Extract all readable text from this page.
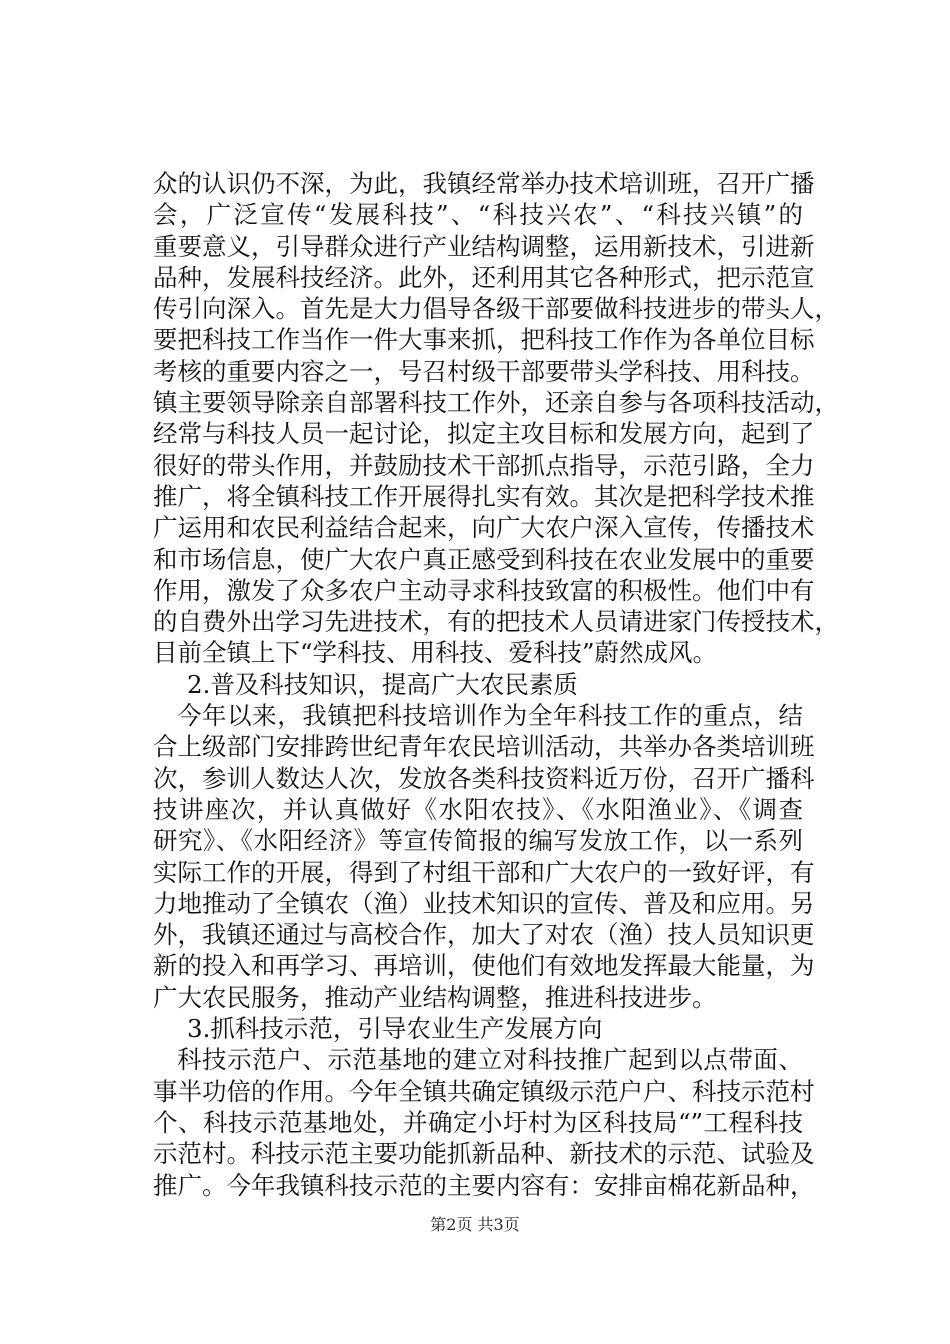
众的认识仍不深，为此，我镇经常举办技术培训班，召开广播
会，广泛宣传“发展科技”、“科技兴农”、“科技兴镇”的
重要意义，引导群众进行产业结构调整，运用新技术，引进新
品种，发展科技经济。此外，还利用其它各种形式，把示范宣
传引向深入。首先是大力倡导各级干部要做科技进步的带头人，
要把科技工作当作一件大事来抓，把科技工作作为各单位目标
考核的重要内容之一，号召村级干部要带头学科技、用科技。
镇主要领导除亲自部署科技工作外，还亲自参与各项科技活动，
经常与科技人员一起讨论，拟定主攻目标和发展方向，起到了
很好的带头作用，并鼓励技术干部抓点指导，示范引路，全力
推广，将全镇科技工作开展得扎实有效。其次是把科学技术推
广运用和农民利益结合起来，向广大农户深入宣传，传播技术
和市场信息，使广大农户真正感受到科技在农业发展中的重要
作用，激发了众多农户主动寻求科技致富的积极性。他们中有
的自费外出学习先进技术，有的把技术人员请进家门传授技术，
目前全镇上下“学科技、用科技、爱科技”蔚然成风。
2.普及科技知识，提高广大农民素质
今年以来，我镇把科技培训作为全年科技工作的重点，结
合上级部门安排跨世纪青年农民培训活动，共举办各类培训班
次，参训人数达人次，发放各类科技资料近万份，召开广播科
技讲座次，并认真做好《水阳农技》、《水阳渔业》、《调查
研究》、《水阳经济》等宣传简报的编写发放工作，以一系列
实际工作的开展，得到了村组干部和广大农户的一致好评，有
力地推动了全镇农（渔）业技术知识的宣传、普及和应用。另
外，我镇还通过与高校合作，加大了对农（渔）技人员知识更
新的投入和再学习、再培训，使他们有效地发挥最大能量，为
广大农民服务，推动产业结构调整，推进科技进步。
3.抓科技示范，引导农业生产发展方向
科技示范户、示范基地的建立对科技推广起到以点带面、
事半功倍的作用。今年全镇共确定镇级示范户户、科技示范村
个、科技示范基地处，并确定小圩村为区科技局“”工程科技
示范村。科技示范主要功能抓新品种、新技术的示范、试验及
推广。今年我镇科技示范的主要内容有：安排亩棉花新品种，
第2页 共3页
